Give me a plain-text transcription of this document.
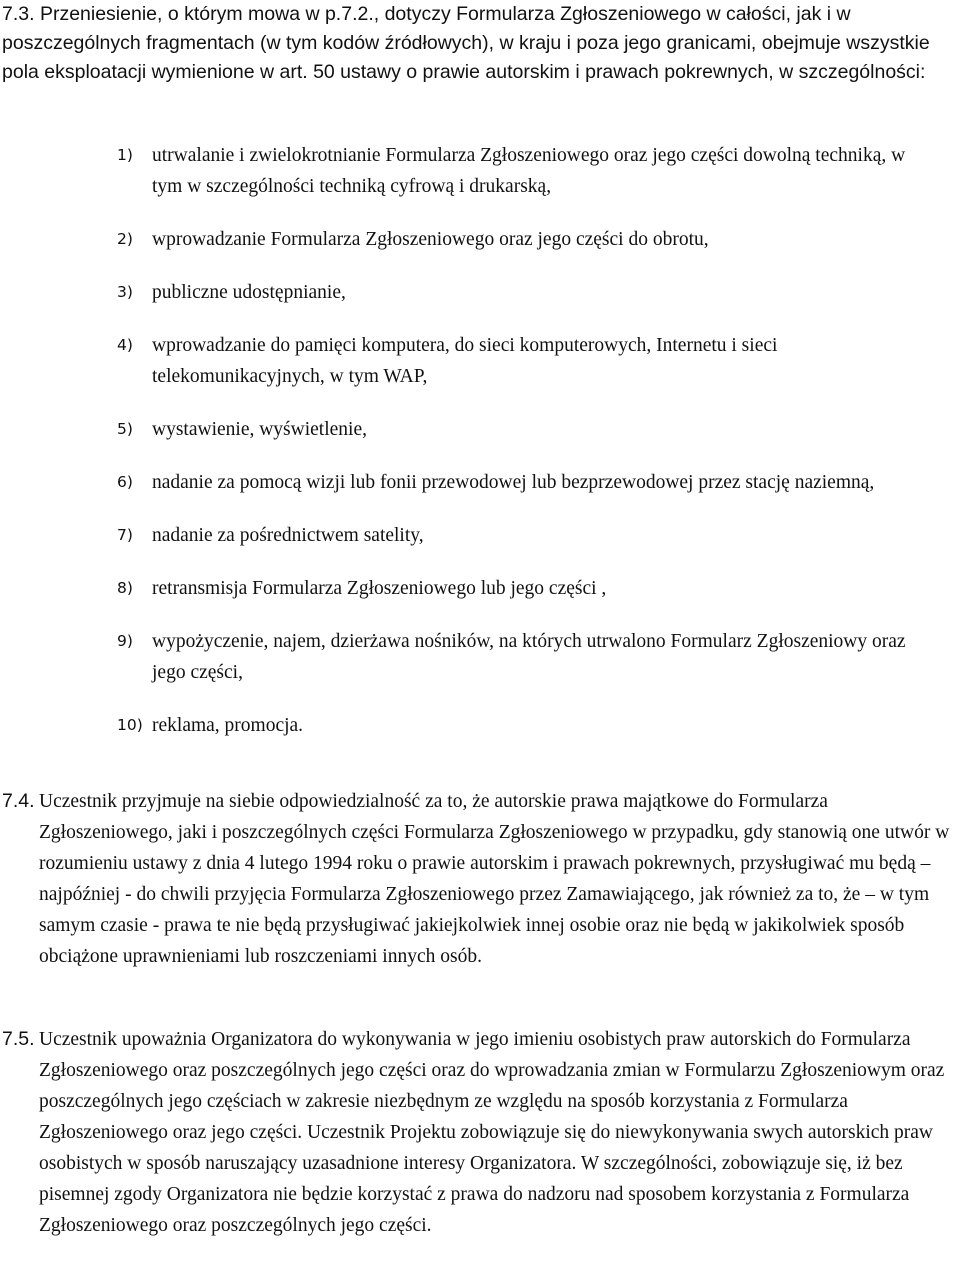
7.3. Przeniesienie, o którym mowa w p.7.2., dotyczy Formularza Zgłoszeniowego w całości, jak i w
poszczególnych fragmentach (w tym kodów źródłowych), w kraju i poza jego granicami, obejmuje wszystkie pola eksploatacji wymienione w art. 50 ustawy o prawie autorskim i prawach pokrewnych, w szczególności:
1) utrwalanie i zwielokrotnianie Formularza Zgłoszeniowego oraz jego części dowolną techniką, w tym w szczególności techniką cyfrową i drukarską,
2) wprowadzanie Formularza Zgłoszeniowego oraz jego części do obrotu,
3) publiczne udostępnianie,
4) wprowadzanie do pamięci komputera, do sieci komputerowych, Internetu i sieci telekomunikacyjnych, w tym WAP,
5) wystawienie, wyświetlenie,
6) nadanie za pomocą wizji lub fonii przewodowej lub bezprzewodowej przez stację naziemną,
7) nadanie za pośrednictwem satelity,
8) retransmisja Formularza Zgłoszeniowego lub jego części ,
9) wypożyczenie, najem, dzierżawa nośników, na których utrwalono Formularz Zgłoszeniowy oraz jego części,
10) reklama, promocja.
7.4. Uczestnik przyjmuje na siebie odpowiedzialność za to, że autorskie prawa majątkowe do Formularza Zgłoszeniowego, jaki i poszczególnych części Formularza Zgłoszeniowego w przypadku, gdy stanowią one utwór w rozumieniu ustawy z dnia 4 lutego 1994 roku o prawie autorskim i prawach pokrewnych, przysługiwać mu będą – najpóźniej - do chwili przyjęcia Formularza Zgłoszeniowego przez Zamawiającego, jak również za to, że – w tym samym czasie - prawa te nie będą przysługiwać jakiejkolwiek innej osobie oraz nie będą w jakikolwiek sposób obciążone uprawnieniami lub roszczeniami innych osób.
7.5. Uczestnik upoważnia Organizatora do wykonywania w jego imieniu osobistych praw autorskich do Formularza Zgłoszeniowego oraz poszczególnych jego części oraz do wprowadzania zmian w Formularzu Zgłoszeniowym oraz poszczególnych jego częściach w zakresie niezbędnym ze względu na sposób korzystania z Formularza Zgłoszeniowego oraz jego części. Uczestnik Projektu zobowiązuje się do niewykonywania swych autorskich praw osobistych w sposób naruszający uzasadnione interesy Organizatora. W szczególności, zobowiązuje się, iż bez pisemnej zgody Organizatora nie będzie korzystać z prawa do nadzoru nad sposobem korzystania z Formularza Zgłoszeniowego oraz poszczególnych jego części.
